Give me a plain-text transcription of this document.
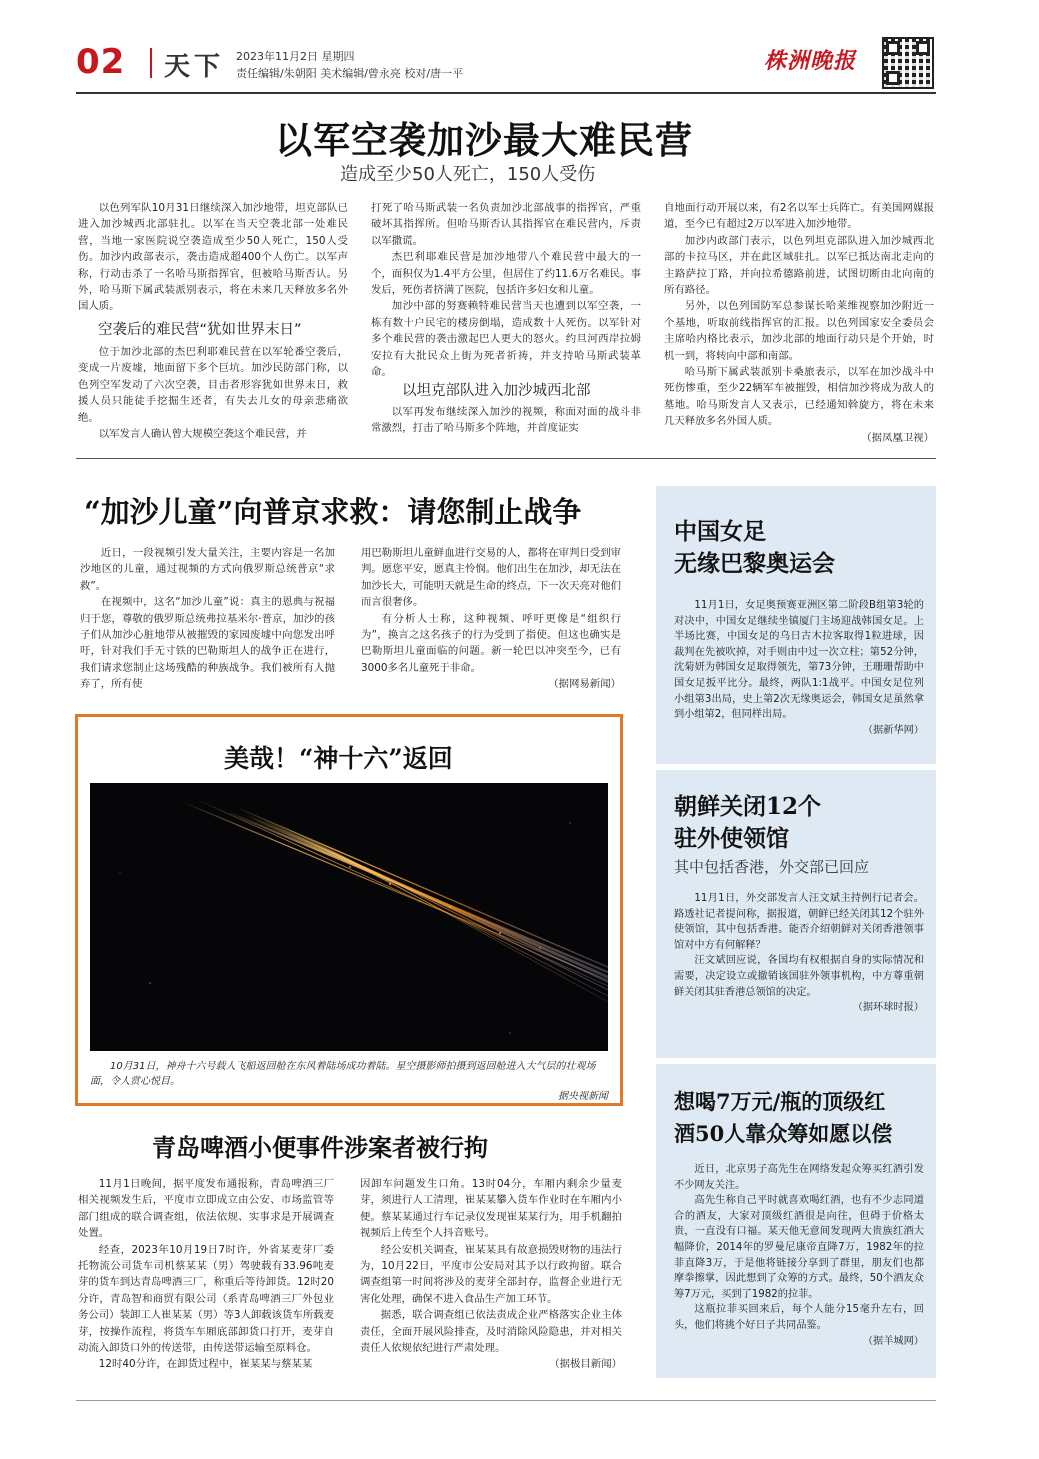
02 天下 2023年11月2日 星期四
责任编辑/朱朝阳 美术编辑/曾永亮 校对/唐一平	株洲晚报
以军空袭加沙最大难民营
造成至少50人死亡，150人受伤

以色列军队10月31日继续深入加沙地带，坦克部队已进入加沙城西北部驻扎。以军在当天空袭北部一处难民营，当地一家医院说空袭造成至少50人死亡，150人受伤。加沙内政部表示，袭击造成超400个人伤亡。以军声称，行动击杀了一名哈马斯指挥官，但被哈马斯否认。另外，哈马斯下属武装派别表示，将在未来几天释放多名外国人质。

空袭后的难民营“犹如世界末日”

位于加沙北部的杰巴利耶难民营在以军轮番空袭后，变成一片废墟，地面留下多个巨坑。加沙民防部门称，以色列空军发动了六次空袭，目击者形容犹如世界末日，救援人员只能徒手挖掘生还者，有失去儿女的母亲悲痛欲绝。

以军发言人确认曾大规模空袭这个难民营，并

打死了哈马斯武装一名负责加沙北部战事的指挥官，严重破坏其指挥所。但哈马斯否认其指挥官在难民营内，斥责以军撒谎。

杰巴利耶难民营是加沙地带八个难民营中最大的一个，面积仅为1.4平方公里，但居住了约11.6万名难民。事发后，死伤者挤满了医院，包括许多妇女和儿童。

加沙中部的努赛赖特难民营当天也遭到以军空袭，一栋有数十户民宅的楼房倒塌，造成数十人死伤。以军针对多个难民营的袭击激起巴人更大的怒火。约旦河西岸拉姆安拉有大批民众上街为死者祈祷，并支持哈马斯武装革命。

以坦克部队进入加沙城西北部

以军再发布继续深入加沙的视频，称面对面的战斗非常激烈，打击了哈马斯多个阵地，并首度证实

自地面行动开展以来，有2名以军士兵阵亡。有美国网媒报道，至今已有超过2万以军进入加沙地带。

加沙内政部门表示，以色列坦克部队进入加沙城西北部的卡拉马区，并在此区域驻扎。以军已抵达南北走向的主路萨拉丁路，并向拉希德路前进，试图切断由北向南的所有路径。

另外，以色列国防军总参谋长哈莱维视察加沙附近一个基地，听取前线指挥官的汇报。以色列国家安全委员会主席哈内格比表示，加沙北部的地面行动只是个开始，时机一到，将转向中部和南部。

哈马斯下属武装派别卡桑旅表示，以军在加沙战斗中死伤惨重，至少22辆军车被摧毁，相信加沙将成为敌人的墓地。哈马斯发言人又表示，已经通知斡旋方，将在未来几天释放多名外国人质。

（据凤凰卫视）
“加沙儿童”向普京求救：请您制止战争

近日，一段视频引发大量关注，主要内容是一名加沙地区的儿童，通过视频的方式向俄罗斯总统普京“求救”。

在视频中，这名“加沙儿童”说：真主的恩典与祝福归于您，尊敬的俄罗斯总统弗拉基米尔·普京，加沙的孩子们从加沙心脏地带从被摧毁的家园废墟中向您发出呼吁，针对我们手无寸铁的巴勒斯坦人的战争正在进行，我们请求您制止这场残酷的种族战争。我们被所有人抛弃了，所有使

用巴勒斯坦儿童鲜血进行交易的人，都将在审判日受到审判。愿您平安，愿真主怜悯。他们出生在加沙，却无法在加沙长大，可能明天就是生命的终点，下一次天亮对他们而言很奢侈。

有分析人士称，这种视频、呼吁更像是“组织行为”，换言之这名孩子的行为受到了指使。但这也确实是巴勒斯坦儿童面临的问题。新一轮巴以冲突至今，已有3000多名儿童死于非命。

（据网易新闻）
美哉！“神十六”返回
10月31日，神舟十六号载人飞船返回舱在东风着陆场成功着陆。星空摄影师拍摄到返回舱进入大气层的壮观场面，令人赏心悦目。
据央视新闻
青岛啤酒小便事件涉案者被行拘

11月1日晚间，据平度发布通报称，青岛啤酒三厂相关视频发生后，平度市立即成立由公安、市场监管等部门组成的联合调查组，依法依规、实事求是开展调查处置。

经查，2023年10月19日7时许，外省某麦芽厂委托物流公司货车司机蔡某某（男）驾驶载有33.96吨麦芽的货车到达青岛啤酒三厂，称重后等待卸货。12时20分许，青岛智和商贸有限公司（系青岛啤酒三厂外包业务公司）装卸工人崔某某（男）等3人卸载该货车所载麦芽，按操作流程，将货车车厢底部卸货口打开，麦芽自动流入卸货口外的传送带，由传送带运输至原料仓。

12时40分许，在卸货过程中，崔某某与蔡某某

因卸车问题发生口角。13时04分，车厢内剩余少量麦芽，须进行人工清理，崔某某攀入货车作业时在车厢内小便。蔡某某通过行车记录仪发现崔某某行为，用手机翻拍视频后上传至个人抖音账号。

经公安机关调查，崔某某具有故意损毁财物的违法行为，10月22日，平度市公安局对其予以行政拘留。联合调查组第一时间将涉及的麦芽全部封存，监督企业进行无害化处理，确保不进入食品生产加工环节。

据悉，联合调查组已依法责成企业严格落实企业主体责任，全面开展风险排查，及时消除风险隐患，并对相关责任人依规依纪进行严肃处理。

（据极目新闻）
中国女足
无缘巴黎奥运会

11月1日，女足奥预赛亚洲区第二阶段B组第3轮的对决中，中国女足继续坐镇厦门主场迎战韩国女足。上半场比赛，中国女足的乌日古木拉客取得1粒进球，因裁判在先被吹掉，对手则由中过一次立柱；第52分钟，沈菊妍为韩国女足取得领先，第73分钟，王珊珊帮助中国女足扳平比分。最终，两队1:1战平。中国女足位列小组第3出局，史上第2次无缘奥运会，韩国女足虽然拿到小组第2，但同样出局。

（据新华网）
朝鲜关闭12个
驻外使领馆
其中包括香港，外交部已回应

11月1日，外交部发言人汪文斌主持例行记者会。路透社记者提问称，据报道，朝鲜已经关闭其12个驻外使领馆，其中包括香港。能否介绍朝鲜对关闭香港领事馆对中方有何解释？

汪文斌回应说，各国均有权根据自身的实际情况和需要，决定设立或撤销该国驻外领事机构，中方尊重朝鲜关闭其驻香港总领馆的决定。

（据环球时报）
想喝7万元/瓶的顶级红
酒50人靠众筹如愿以偿

近日，北京男子高先生在网络发起众筹买红酒引发不少网友关注。

高先生称自己平时就喜欢喝红酒，也有不少志同道合的酒友，大家对顶级红酒很是向往，但碍于价格太贵，一直没有口福。某天他无意间发现两大贵族红酒大幅降价，2014年的罗曼尼康帝直降7万，1982年的拉菲直降3万，于是他将链接分享到了群里，朋友们也都摩拳擦掌，因此想到了众筹的方式。最终，50个酒友众筹7万元，买到了1982的拉菲。

这瓶拉菲买回来后，每个人能分15毫升左右，回头，他们将挑个好日子共同品鉴。

（据羊城网）
